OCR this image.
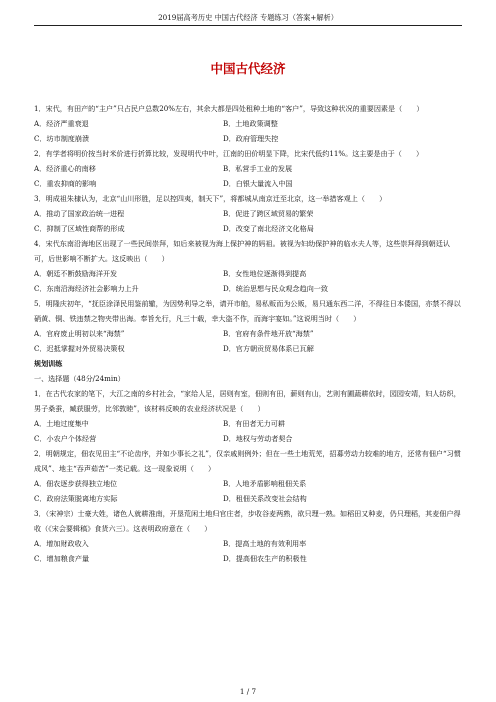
2019届高考历史 中国古代经济 专题练习（答案+解析）
中国古代经济

1．宋代，有田产的“主户”只占民户总数20%左右，其余大都是四处租种土地的“客户”，导致这种状况的重要因素是（　　）

A．经济严重衰退	B．土地政策调整
C．坊市制度崩溃	D．政府管理失控

2．有学者将明价按当时米价进行折算比较，发现明代中叶，江南的田价明显下降，比宋代低约11%。这主要是由于（　　）

A．经济重心的南移	B．私营手工业的发展
C．重农抑商的影响	D．白银大量流入中国

3．明成祖朱棣认为，北京“山川形胜，足以控四夷，制天下”，将都城从南京迁至北京，这一举措客观上（　　）

A．推动了国家政治统一进程	B．促进了跨区域贸易的繁荣
C．抑制了区域性商帮的形成	D．改变了南北经济文化格局

4．宋代东南沿海地区出现了一些民间崇拜，如后来被视为海上保护神的妈祖。被视为妇幼保护神的临水夫人等，这些崇拜得到朝廷认可，后世影响不断扩大。这反映出（　　）

A．朝廷不断鼓励海洋开发	B．女性地位逐渐得到提高
C．东南沿海经济社会影响力上升	D．统治思想与民众观念趋向一致

5．明隆庆初年，“抚臣涂泽民用鉴前辙，为因势利导之举，请开市舶，易私贩而为公贩，易只通东西二洋，不得往日本倭国，亦禁不得以硝黄、铜、铁违禁之物夹带出海。奉旨允行，凡三十载，幸大盗不作，而海宇宴如。”这说明当时（　　）

A．官府废止明初以来“海禁”	B．官府有条件地开放“海禁”
C．迟抵掌握对外贸易决策权	D．官方朝贡贸易体系已瓦解

规划训练

一、选择题（48分/24min）

1．在古代农家的笔下，大江之南的乡村社会，“家给人足，居则有室，佃则有田，薪则有山，艺则有圃蔬耕依时，园园安靖，妇人纺织，男子桑蚕，臧获服劳，比邻敦睦”，该材料反映的农业经济状况是（　　）

A．土地过度集中	B．有田者无力可耕
C．小农户个体经营	D．地权与劳动者契合

2．明朝规定，佃农见田主“不论齿序，并如少事长之礼”，仅亲戚则例外；但在一些土地荒芜，招募劳动力较难的地方，还常有佃户“习惯成风”、地主“吞声茹苦”一类记载。这一现象说明（　　）

A．佃农逐步获得独立地位	B．人地矛盾影响租佃关系
C．政府法策脱离地方实际	D．租佃关系改变社会结构

3．（宋神宗）士豪大姓，诸色人就耕淮南，开垦荒闲土地归官庄者，步收谷麦两熟，欲只理一熟。如稻田又种麦，仍只理稻，其麦佃户得收（《宋会要辑稿》食货六三）。这表明政府意在（　　）

A．增加财政收入	B．提高土地的有效利用率
C．增加粮食产量	D．提高佃农生产的积极性
1 / 7
